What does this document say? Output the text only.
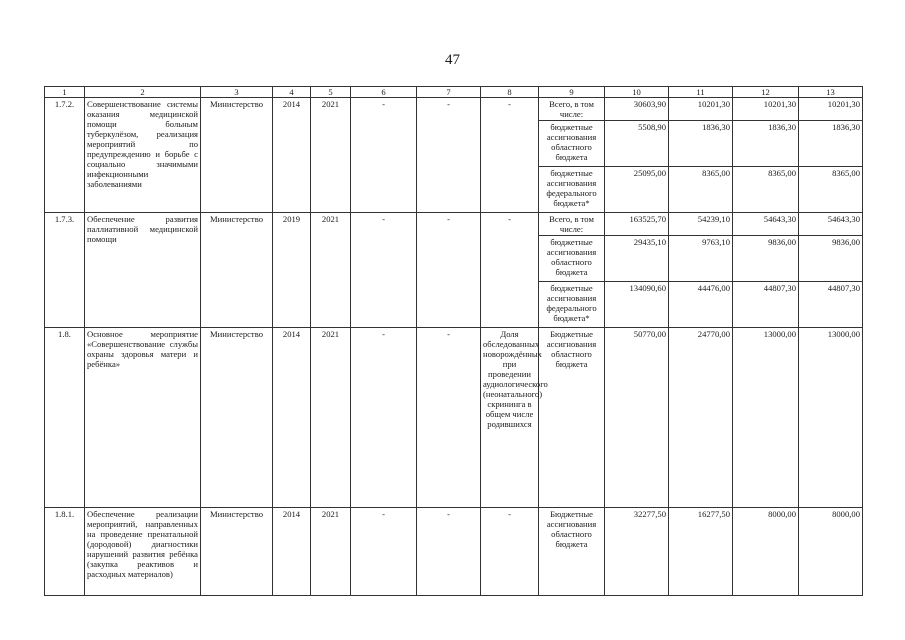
47
1	2	3	4	5	6	7	8	9	10	11	12	13
1.7.2.	Совершенствование системы оказания медицинской помощи больным туберкулёзом, реализация мероприятий по предупреждению и борьбе с социально значимыми инфекционными заболеваниями	Министерство	2014	2021	-	-	-	Всего, в том числе:	30603,90	10201,30	10201,30	10201,30
								бюджетные ассигнования областного бюджета	5508,90	1836,30	1836,30	1836,30
								бюджетные ассигнования федерального бюджета*	25095,00	8365,00	8365,00	8365,00
1.7.3.	Обеспечение развития паллиативной медицинской помощи	Министерство	2019	2021	-	-	-	Всего, в том числе:	163525,70	54239,10	54643,30	54643,30
								бюджетные ассигнования областного бюджета	29435,10	9763,10	9836,00	9836,00
								бюджетные ассигнования федерального бюджета*	134090,60	44476,00	44807,30	44807,30
1.8.	Основное мероприятие «Совершенствование службы охраны здоровья матери и ребёнка»	Министерство	2014	2021	-	-	Доля обследованных новорождённых при проведении аудиологического (неонатального) скрининга в общем числе родившихся	Бюджетные ассигнования областного бюджета	50770,00	24770,00	13000,00	13000,00
1.8.1.	Обеспечение реализации мероприятий, направленных на проведение пренатальной (дородовой) диагностики нарушений развития ребёнка (закупка реактивов и расходных материалов)	Министерство	2014	2021	-	-	-	Бюджетные ассигнования областного бюджета	32277,50	16277,50	8000,00	8000,00
